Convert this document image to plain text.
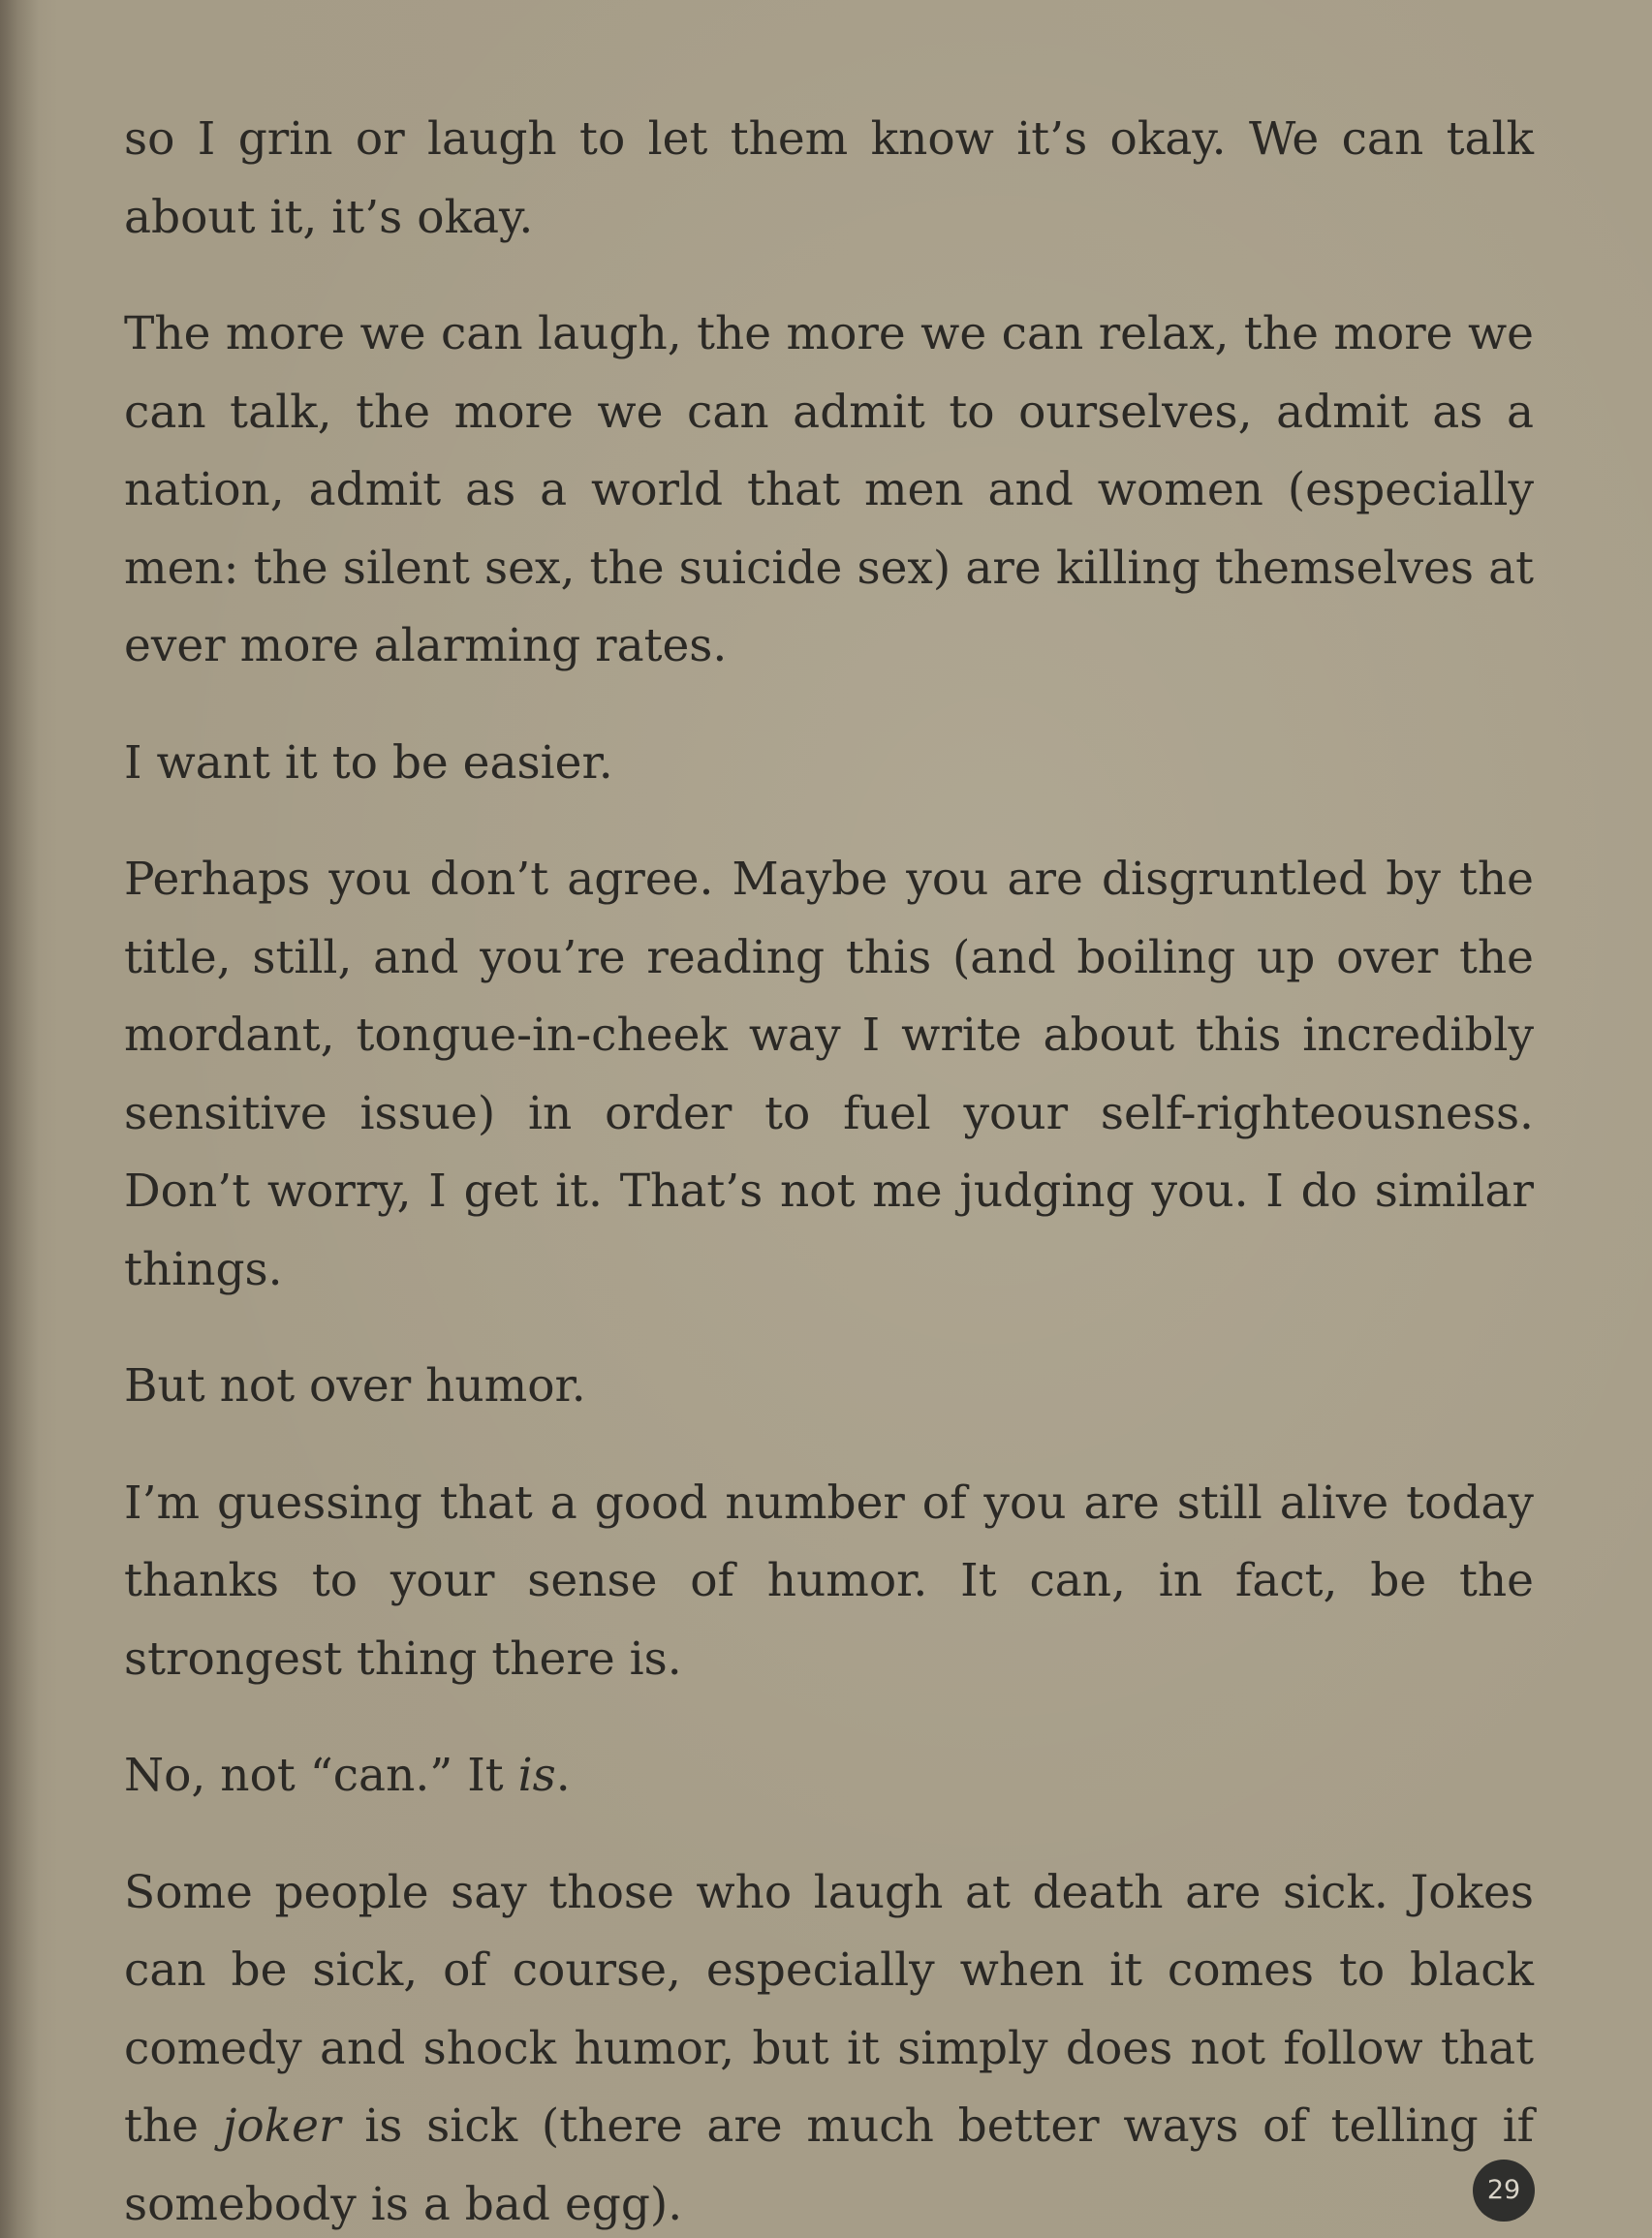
so I grin or laugh to let them know it’s okay. We can talk about it, it’s okay.

The more we can laugh, the more we can relax, the more we can talk, the more we can admit to ourselves, admit as a nation, admit as a world that men and women (especially men: the silent sex, the suicide sex) are killing themselves at ever more alarming rates.

I want it to be easier.

Perhaps you don’t agree. Maybe you are disgruntled by the title, still, and you’re reading this (and boiling up over the mordant, tongue-in-cheek way I write about this incredibly sensitive issue) in order to fuel your self-righteousness. Don’t worry, I get it. That’s not me judging you. I do similar things.

But not over humor.

I’m guessing that a good number of you are still alive today thanks to your sense of humor. It can, in fact, be the strongest thing there is.

No, not “can.” It is.

Some people say those who laugh at death are sick. Jokes can be sick, of course, especially when it comes to black comedy and shock humor, but it simply does not follow that the joker is sick (there are much better ways of telling if somebody is a bad egg).	29
